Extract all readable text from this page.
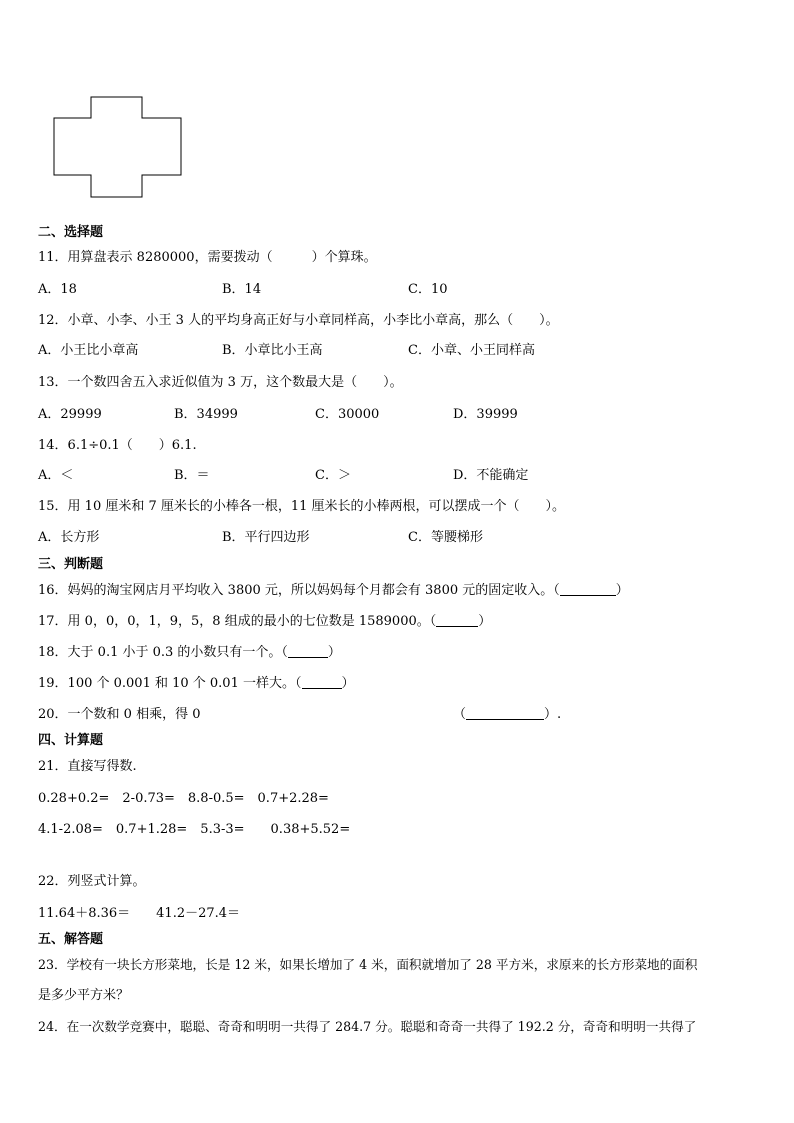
二、选择题
11．用算盘表示 8280000，需要拨动（　　　）个算珠。
A．18	B．14	C．10
12．小章、小李、小王 3 人的平均身高正好与小章同样高，小李比小章高，那么（　　）。
A．小王比小章高	B．小章比小王高	C．小章、小王同样高
13．一个数四舍五入求近似值为 3 万，这个数最大是（　　）。
A．29999	B．34999	C．30000	D．39999
14．6.1÷0.1（　　）6.1.
A．＜	B．＝	C．＞	D．不能确定
15．用 10 厘米和 7 厘米长的小棒各一根，11 厘米长的小棒两根，可以摆成一个（　　）。
A．长方形	B．平行四边形	C．等腰梯形
三、判断题
16．妈妈的淘宝网店月平均收入 3800 元，所以妈妈每个月都会有 3800 元的固定收入。（	）
17．用 0，0，0，1，9，5，8 组成的最小的七位数是 1589000。（	）
18．大于 0.1 小于 0.3 的小数只有一个。（	）
19．100 个 0.001 和 10 个 0.01 一样大。（	）
20．一个数和 0 相乘，得 0	（	）.
四、计算题
21．直接写得数.
0.28+0.2=　2-0.73=　8.8-0.5=　0.7+2.28=
4.1-2.08=　0.7+1.28=　5.3-3=　　0.38+5.52=
22．列竖式计算。
11.64＋8.36＝　　41.2－27.4＝
五、解答题
23．学校有一块长方形菜地，长是 12 米，如果长增加了 4 米，面积就增加了 28 平方米，求原来的长方形菜地的面积
是多少平方米？
24．在一次数学竞赛中，聪聪、奇奇和明明一共得了 284.7 分。聪聪和奇奇一共得了 192.2 分，奇奇和明明一共得了
